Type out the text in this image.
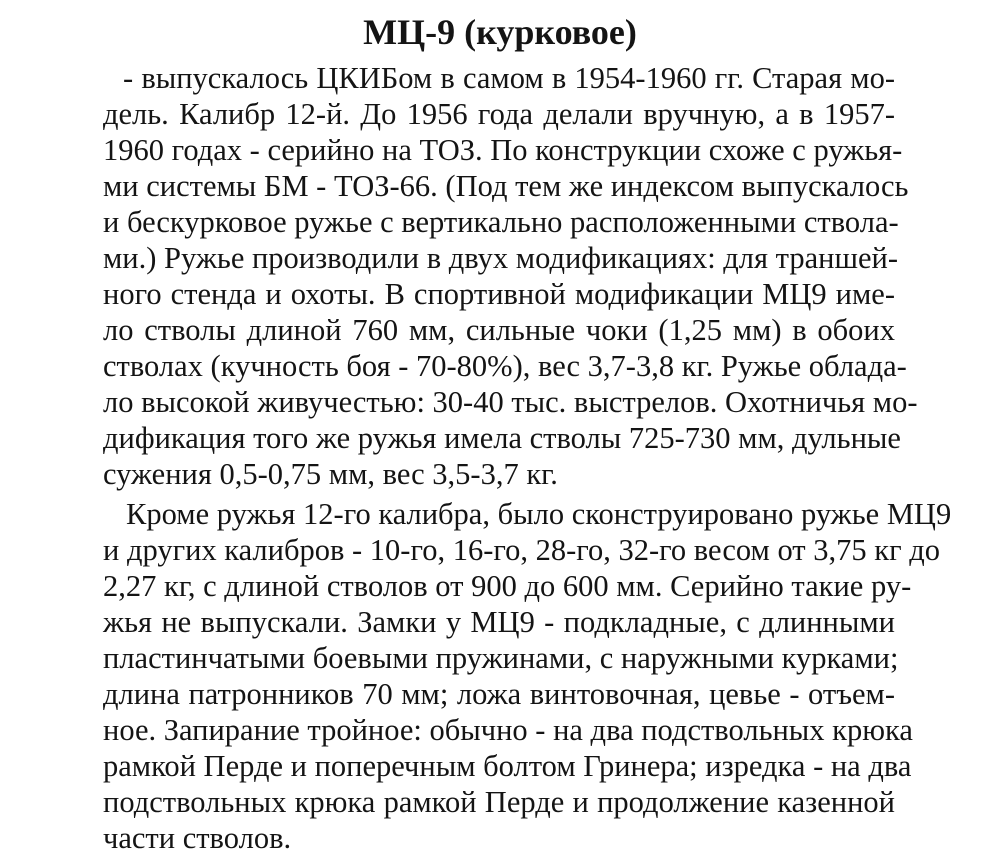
МЦ-9 (курковое)
- выпускалось ЦКИБом в самом в 1954-1960 гг. Старая мо-
дель. Калибр 12-й. До 1956 года делали вручную, а в 1957-
1960 годах - серийно на ТОЗ. По конструкции схоже с ружья-
ми системы БМ - ТОЗ-66. (Под тем же индексом выпускалось
и бескурковое ружье с вертикально расположенными ствола-
ми.) Ружье производили в двух модификациях: для траншей-
ного стенда и охоты. В спортивной модификации МЦ9 име-
ло стволы длиной 760 мм, сильные чоки (1,25 мм) в обоих
стволах (кучность боя - 70-80%), вес 3,7-3,8 кг. Ружье облада-
ло высокой живучестью: 30-40 тыс. выстрелов. Охотничья мо-
дификация того же ружья имела стволы 725-730 мм, дульные
сужения 0,5-0,75 мм, вес 3,5-3,7 кг.
Кроме ружья 12-го калибра, было сконструировано ружье МЦ9
и других калибров - 10-го, 16-го, 28-го, 32-го весом от 3,75 кг до
2,27 кг, с длиной стволов от 900 до 600 мм. Серийно такие ру-
жья не выпускали. Замки у МЦ9 - подкладные, с длинными
пластинчатыми боевыми пружинами, с наружными курками;
длина патронников 70 мм; ложа винтовочная, цевье - отъем-
ное. Запирание тройное: обычно - на два подствольных крюка
рамкой Перде и поперечным болтом Гринера; изредка - на два
подствольных крюка рамкой Перде и продолжение казенной
части стволов.
